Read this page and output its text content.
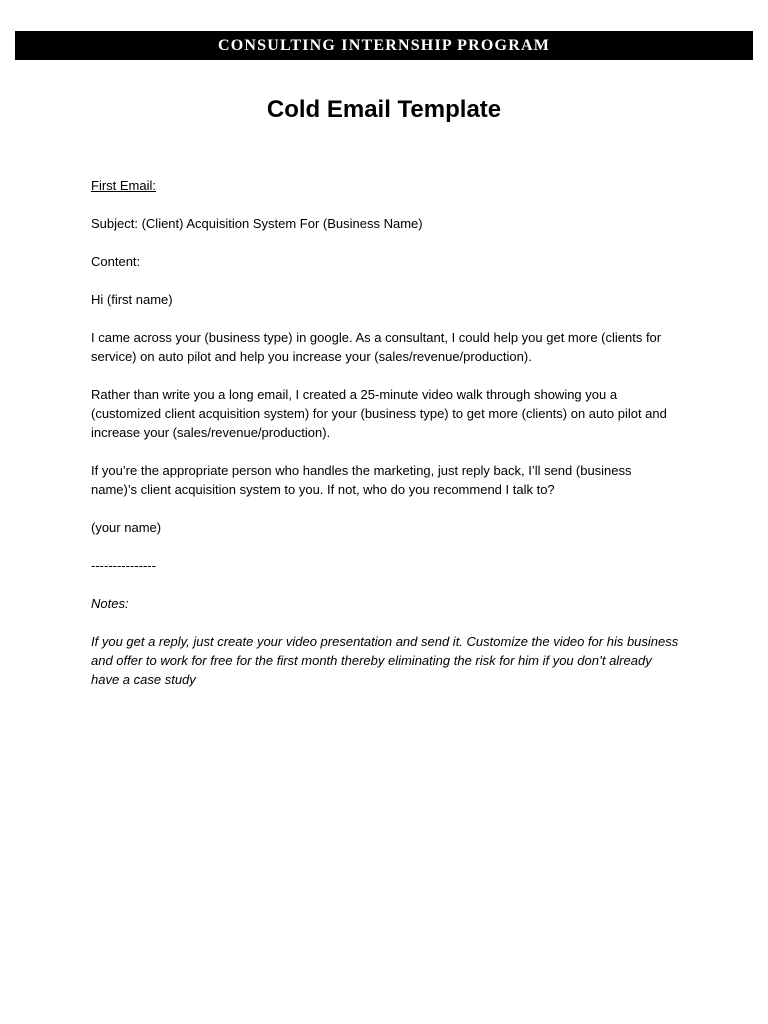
CONSULTING INTERNSHIP PROGRAM
Cold Email Template

First Email:

Subject: (Client) Acquisition System For (Business Name)

Content:

Hi (first name)

I came across your (business type) in google. As a consultant, I could help you get more (clients for service) on auto pilot and help you increase your (sales/revenue/production).

Rather than write you a long email, I created a 25-minute video walk through showing you a (customized client acquisition system) for your (business type) to get more (clients) on auto pilot and increase your (sales/revenue/production).

If you’re the appropriate person who handles the marketing, just reply back, I’ll send (business name)’s client acquisition system to you. If not, who do you recommend I talk to?

(your name)

---------------

Notes:

If you get a reply, just create your video presentation and send it. Customize the video for his business and offer to work for free for the first month thereby eliminating the risk for him if you don’t already have a case study
